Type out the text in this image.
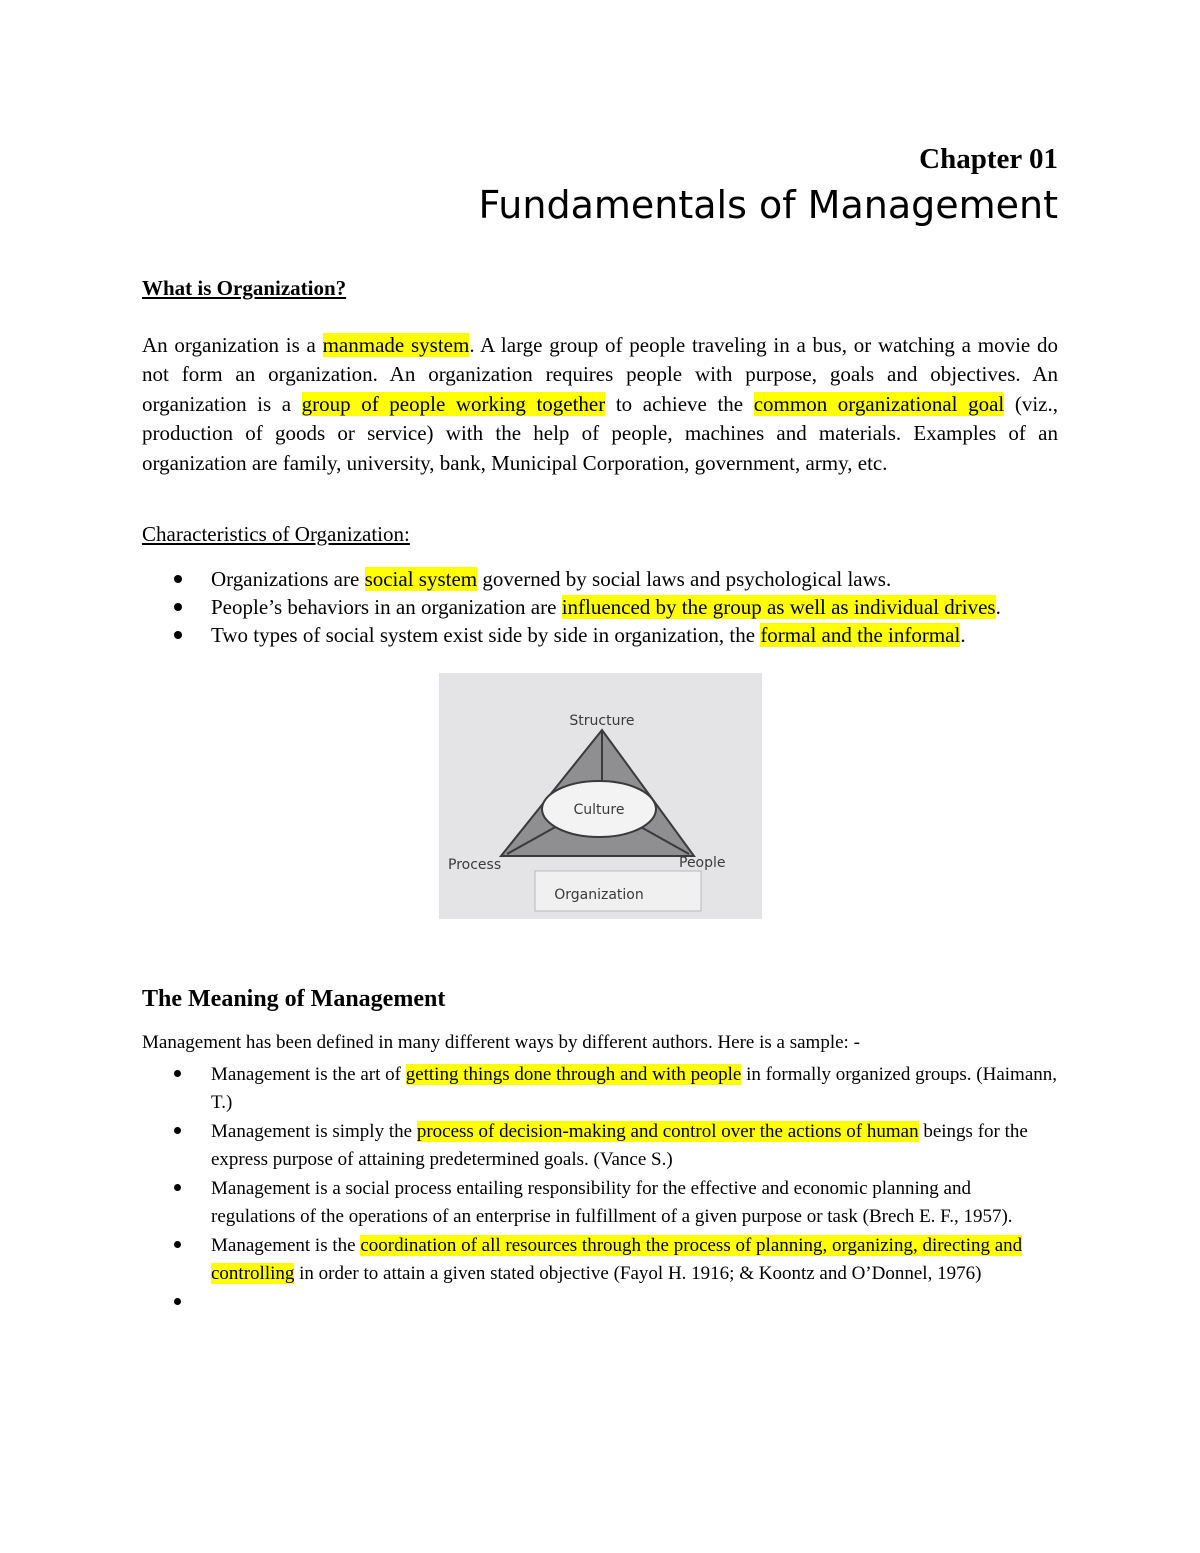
Chapter 01
Fundamentals of Management
What is Organization?

An organization is a manmade system. A large group of people traveling in a bus, or watching a movie do not form an organization. An organization requires people with purpose, goals and objectives. An organization is a group of people working together to achieve the common organizational goal (viz., production of goods or service) with the help of people, machines and materials. Examples of an organization are family, university, bank, Municipal Corporation, government, army, etc.

Characteristics of Organization:

Organizations are social system governed by social laws and psychological laws.
People’s behaviors in an organization are influenced by the group as well as individual drives.
Two types of social system exist side by side in organization, the formal and the informal.
Structure
Culture
Process	People
Organization
The Meaning of Management

Management has been defined in many different ways by different authors. Here is a sample: -

Management is the art of getting things done through and with people in formally organized groups. (Haimann, T.)
Management is simply the process of decision-making and control over the actions of human beings for the express purpose of attaining predetermined goals. (Vance S.)
Management is a social process entailing responsibility for the effective and economic planning and regulations of the operations of an enterprise in fulfillment of a given purpose or task (Brech E. F., 1957).
Management is the coordination of all resources through the process of planning, organizing, directing and controlling in order to attain a given stated objective (Fayol H. 1916; & Koontz and O’Donnel, 1976)
